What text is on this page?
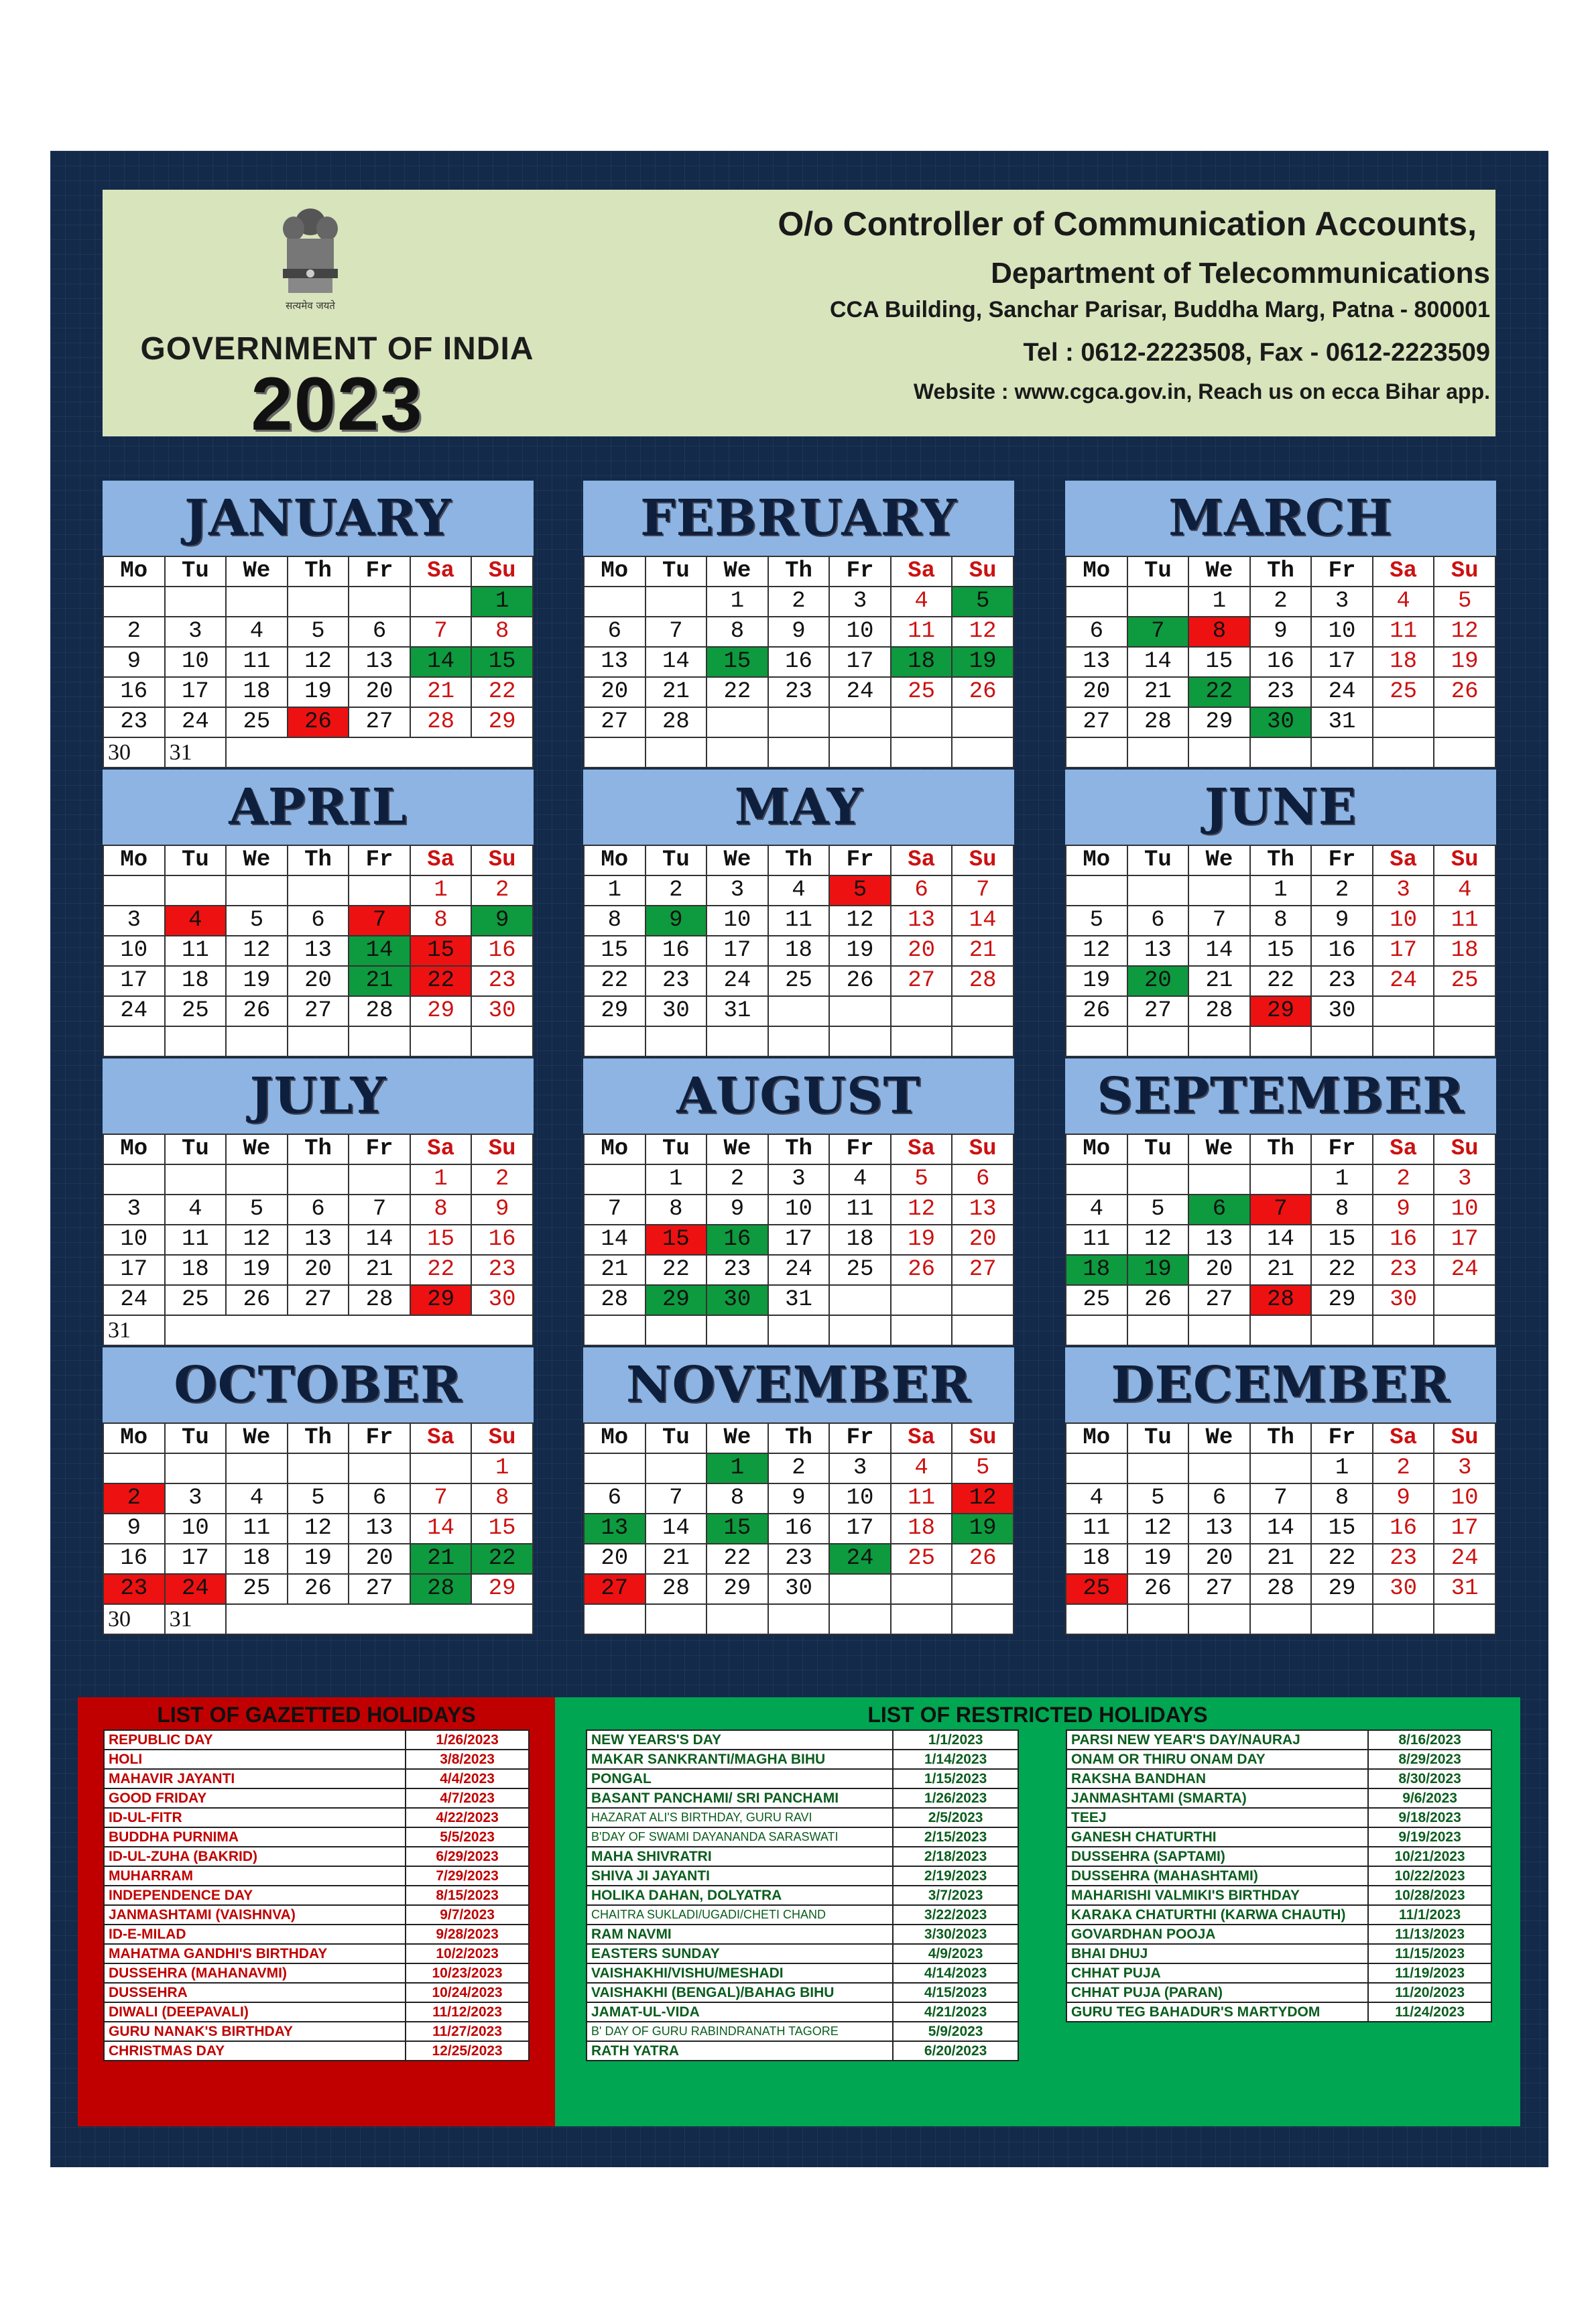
सत्यमेव जयते
GOVERNMENT OF INDIA
2023
O/o Controller of Communication Accounts,
Department of Telecommunications
CCA Building, Sanchar Parisar, Buddha Marg, Patna - 800001
Tel : 0612-2223508, Fax - 0612-2223509
Website : www.cgca.gov.in, Reach us on ecca Bihar app.
JANUARY
Mo	Tu	We	Th	Fr	Sa	Su
						1
2	3	4	5	6	7	8
9	10	11	12	13	14	15
16	17	18	19	20	21	22
23	24	25	26	27	28	29
30	31					
FEBRUARY
Mo	Tu	We	Th	Fr	Sa	Su
		1	2	3	4	5
6	7	8	9	10	11	12
13	14	15	16	17	18	19
20	21	22	23	24	25	26
27	28					

MARCH
Mo	Tu	We	Th	Fr	Sa	Su
		1	2	3	4	5
6	7	8	9	10	11	12
13	14	15	16	17	18	19
20	21	22	23	24	25	26
27	28	29	30	31		

APRIL
Mo	Tu	We	Th	Fr	Sa	Su
					1	2
3	4	5	6	7	8	9
10	11	12	13	14	15	16
17	18	19	20	21	22	23
24	25	26	27	28	29	30

MAY
Mo	Tu	We	Th	Fr	Sa	Su
1	2	3	4	5	6	7
8	9	10	11	12	13	14
15	16	17	18	19	20	21
22	23	24	25	26	27	28
29	30	31				

JUNE
Mo	Tu	We	Th	Fr	Sa	Su
			1	2	3	4
5	6	7	8	9	10	11
12	13	14	15	16	17	18
19	20	21	22	23	24	25
26	27	28	29	30		

JULY
Mo	Tu	We	Th	Fr	Sa	Su
					1	2
3	4	5	6	7	8	9
10	11	12	13	14	15	16
17	18	19	20	21	22	23
24	25	26	27	28	29	30
31						
AUGUST
Mo	Tu	We	Th	Fr	Sa	Su
	1	2	3	4	5	6
7	8	9	10	11	12	13
14	15	16	17	18	19	20
21	22	23	24	25	26	27
28	29	30	31			

SEPTEMBER
Mo	Tu	We	Th	Fr	Sa	Su
				1	2	3
4	5	6	7	8	9	10
11	12	13	14	15	16	17
18	19	20	21	22	23	24
25	26	27	28	29	30	

OCTOBER
Mo	Tu	We	Th	Fr	Sa	Su
						1
2	3	4	5	6	7	8
9	10	11	12	13	14	15
16	17	18	19	20	21	22
23	24	25	26	27	28	29
30	31					
NOVEMBER
Mo	Tu	We	Th	Fr	Sa	Su
		1	2	3	4	5
6	7	8	9	10	11	12
13	14	15	16	17	18	19
20	21	22	23	24	25	26
27	28	29	30			

DECEMBER
Mo	Tu	We	Th	Fr	Sa	Su
				1	2	3
4	5	6	7	8	9	10
11	12	13	14	15	16	17
18	19	20	21	22	23	24
25	26	27	28	29	30	31

LIST OF GAZETTED HOLIDAYS
REPUBLIC DAY	1/26/2023
HOLI	3/8/2023
MAHAVIR JAYANTI	4/4/2023
GOOD FRIDAY	4/7/2023
ID-UL-FITR	4/22/2023
BUDDHA PURNIMA	5/5/2023
ID-UL-ZUHA (BAKRID)	6/29/2023
MUHARRAM	7/29/2023
INDEPENDENCE DAY	8/15/2023
JANMASHTAMI (VAISHNVA)	9/7/2023
ID-E-MILAD	9/28/2023
MAHATMA GANDHI'S BIRTHDAY	10/2/2023
DUSSEHRA (MAHANAVMI)	10/23/2023
DUSSEHRA	10/24/2023
DIWALI (DEEPAVALI)	11/12/2023
GURU NANAK'S BIRTHDAY	11/27/2023
CHRISTMAS DAY	12/25/2023
LIST OF RESTRICTED HOLIDAYS
NEW YEARS'S DAY	1/1/2023
MAKAR SANKRANTI/MAGHA BIHU	1/14/2023
PONGAL	1/15/2023
BASANT PANCHAMI/ SRI PANCHAMI	1/26/2023
HAZARAT ALI'S BIRTHDAY, GURU RAVI	2/5/2023
B'DAY OF SWAMI DAYANANDA SARASWATI	2/15/2023
MAHA SHIVRATRI	2/18/2023
SHIVA JI JAYANTI	2/19/2023
HOLIKA DAHAN, DOLYATRA	3/7/2023
CHAITRA SUKLADI/UGADI/CHETI CHAND	3/22/2023
RAM NAVMI	3/30/2023
EASTERS SUNDAY	4/9/2023
VAISHAKHI/VISHU/MESHADI	4/14/2023
VAISHAKHI (BENGAL)/BAHAG BIHU	4/15/2023
JAMAT-UL-VIDA	4/21/2023
B' DAY OF GURU RABINDRANATH TAGORE	5/9/2023
RATH YATRA	6/20/2023
PARSI NEW YEAR'S DAY/NAURAJ	8/16/2023
ONAM OR THIRU ONAM DAY	8/29/2023
RAKSHA BANDHAN	8/30/2023
JANMASHTAMI (SMARTA)	9/6/2023
TEEJ	9/18/2023
GANESH CHATURTHI	9/19/2023
DUSSEHRA (SAPTAMI)	10/21/2023
DUSSEHRA (MAHASHTAMI)	10/22/2023
MAHARISHI VALMIKI'S BIRTHDAY	10/28/2023
KARAKA CHATURTHI (KARWA CHAUTH)	11/1/2023
GOVARDHAN POOJA	11/13/2023
BHAI DHUJ	11/15/2023
CHHAT PUJA	11/19/2023
CHHAT PUJA (PARAN)	11/20/2023
GURU TEG BAHADUR'S MARTYDOM	11/24/2023
